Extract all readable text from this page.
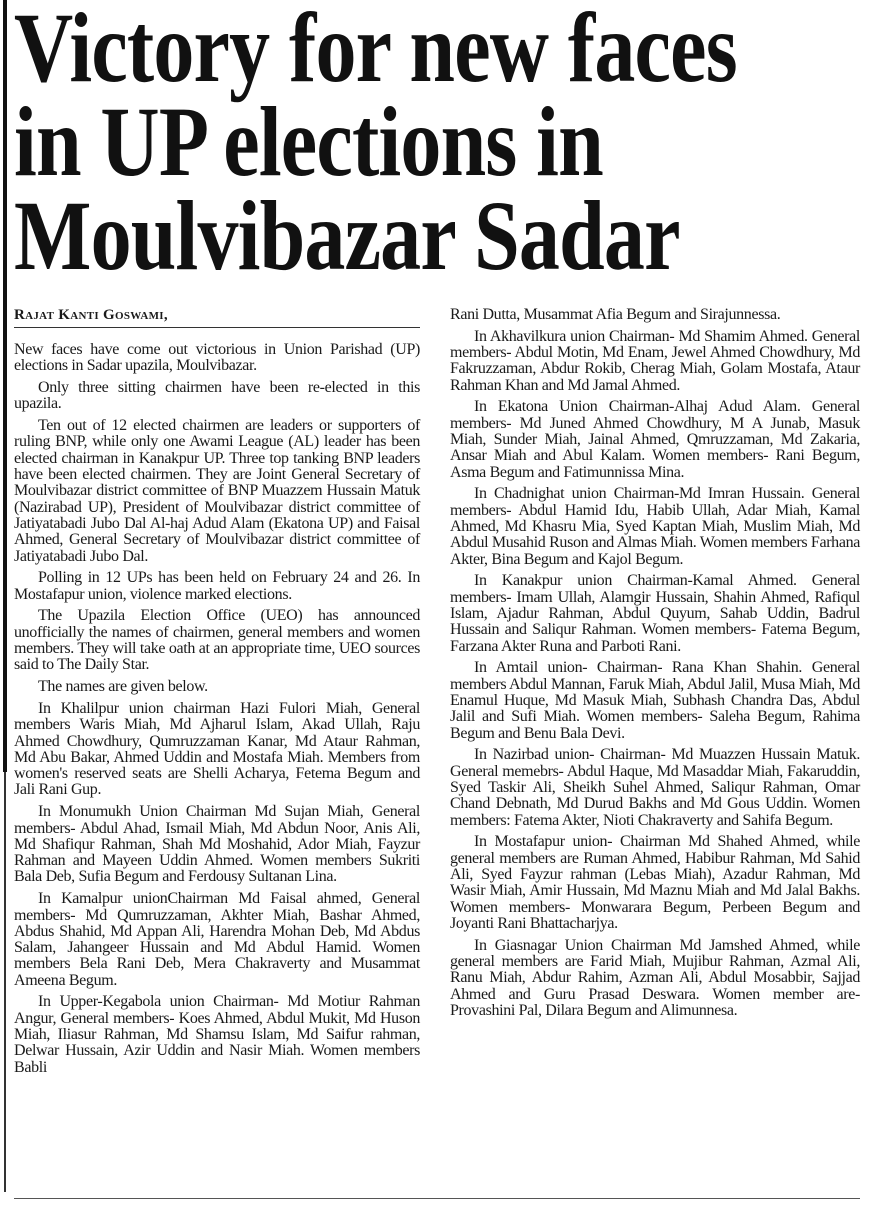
Victory for new faces
in UP elections in
Moulvibazar Sadar
Rajat Kanti Goswami,

New faces have come out victorious in Union Parishad (UP) elections in Sadar upazila, Moulvibazar.

Only three sitting chairmen have been re-elected in this upazila.

Ten out of 12 elected chairmen are leaders or supporters of ruling BNP, while only one Awami League (AL) leader has been elected chairman in Kanakpur UP. Three top tanking BNP leaders have been elected chairmen. They are Joint General Secretary of Moulvibazar district committee of BNP Muazzem Hussain Matuk (Nazirabad UP), President of Moulvibazar district committee of Jatiyatabadi Jubo Dal Al-haj Adud Alam (Ekatona UP) and Faisal Ahmed, General Secretary of Moulvibazar district committee of Jatiyatabadi Jubo Dal.

Polling in 12 UPs has been held on February 24 and 26. In Mostafapur union, violence marked elections.

The Upazila Election Office (UEO) has announced unofficially the names of chairmen, general members and women members. They will take oath at an appropriate time, UEO sources said to The Daily Star.

The names are given below.

In Khalilpur union chairman Hazi Fulori Miah, General members Waris Miah, Md Ajharul Islam, Akad Ullah, Raju Ahmed Chowdhury, Qumruzzaman Kanar, Md Ataur Rahman, Md Abu Bakar, Ahmed Uddin and Mostafa Miah. Members from women's reserved seats are Shelli Acharya, Fetema Begum and Jali Rani Gup.

In Monumukh Union Chairman Md Sujan Miah, General members- Abdul Ahad, Ismail Miah, Md Abdun Noor, Anis Ali, Md Shafiqur Rahman, Shah Md Moshahid, Ador Miah, Fayzur Rahman and Mayeen Uddin Ahmed. Women members Sukriti Bala Deb, Sufia Begum and Ferdousy Sultanan Lina.

In Kamalpur unionChairman Md Faisal ahmed, General members- Md Qumruzzaman, Akhter Miah, Bashar Ahmed, Abdus Shahid, Md Appan Ali, Harendra Mohan Deb, Md Abdus Salam, Jahangeer Hussain and Md Abdul Hamid. Women members Bela Rani Deb, Mera Chakraverty and Musammat Ameena Begum.

In Upper-Kegabola union Chairman- Md Motiur Rahman Angur, General members- Koes Ahmed, Abdul Mukit, Md Huson Miah, Iliasur Rahman, Md Shamsu Islam, Md Saifur rahman, Delwar Hussain, Azir Uddin and Nasir Miah. Women members Babli

Rani Dutta, Musammat Afia Begum and Sirajunnessa.

In Akhavilkura union Chairman- Md Shamim Ahmed. General members- Abdul Motin, Md Enam, Jewel Ahmed Chowdhury, Md Fakruzzaman, Abdur Rokib, Cherag Miah, Golam Mostafa, Ataur Rahman Khan and Md Jamal Ahmed.

In Ekatona Union Chairman-Alhaj Adud Alam. General members- Md Juned Ahmed Chowdhury, M A Junab, Masuk Miah, Sunder Miah, Jainal Ahmed, Qmruzzaman, Md Zakaria, Ansar Miah and Abul Kalam. Women members- Rani Begum, Asma Begum and Fatimunnissa Mina.

In Chadnighat union Chairman-Md Imran Hussain. General members- Abdul Hamid Idu, Habib Ullah, Adar Miah, Kamal Ahmed, Md Khasru Mia, Syed Kaptan Miah, Muslim Miah, Md Abdul Musahid Ruson and Almas Miah. Women members Farhana Akter, Bina Begum and Kajol Begum.

In Kanakpur union Chairman-Kamal Ahmed. General members- Imam Ullah, Alamgir Hussain, Shahin Ahmed, Rafiqul Islam, Ajadur Rahman, Abdul Quyum, Sahab Uddin, Badrul Hussain and Saliqur Rahman. Women members- Fatema Begum, Farzana Akter Runa and Parboti Rani.

In Amtail union- Chairman- Rana Khan Shahin. General members Abdul Mannan, Faruk Miah, Abdul Jalil, Musa Miah, Md Enamul Huque, Md Masuk Miah, Subhash Chandra Das, Abdul Jalil and Sufi Miah. Women members- Saleha Begum, Rahima Begum and Benu Bala Devi.

In Nazirbad union- Chairman- Md Muazzen Hussain Matuk. General memebrs- Abdul Haque, Md Masaddar Miah, Fakaruddin, Syed Taskir Ali, Sheikh Suhel Ahmed, Saliqur Rahman, Omar Chand Debnath, Md Durud Bakhs and Md Gous Uddin. Women members: Fatema Akter, Nioti Chakraverty and Sahifa Begum.

In Mostafapur union- Chairman Md Shahed Ahmed, while general members are Ruman Ahmed, Habibur Rahman, Md Sahid Ali, Syed Fayzur rahman (Lebas Miah), Azadur Rahman, Md Wasir Miah, Amir Hussain, Md Maznu Miah and Md Jalal Bakhs. Women members- Monwarara Begum, Perbeen Begum and Joyanti Rani Bhattacharjya.

In Giasnagar Union Chairman Md Jamshed Ahmed, while general members are Farid Miah, Mujibur Rahman, Azmal Ali, Ranu Miah, Abdur Rahim, Azman Ali, Abdul Mosabbir, Sajjad Ahmed and Guru Prasad Deswara. Women member are- Provashini Pal, Dilara Begum and Alimunnesa.
